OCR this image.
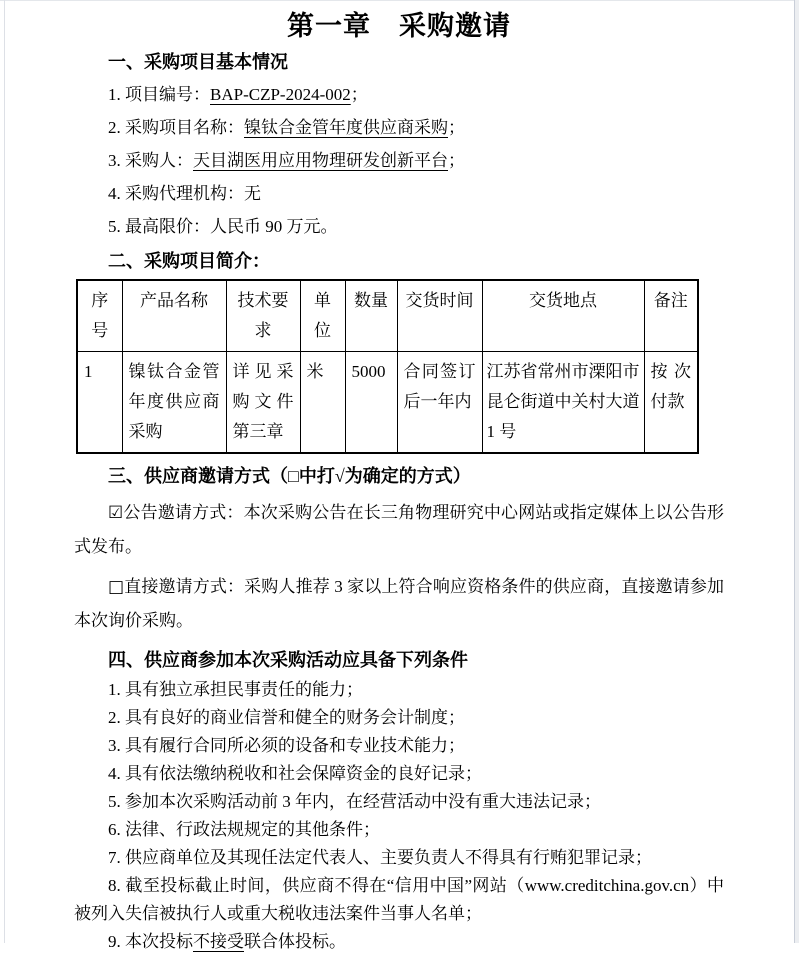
第一章　采购邀请

一、采购项目基本情况

1. 项目编号：BAP-CZP-2024-002；

2. 采购项目名称：镍钛合金管年度供应商采购；

3. 采购人：天目湖医用应用物理研发创新平台；

4. 采购代理机构：无

5. 最高限价：人民币 90 万元。

二、采购项目简介：

序号	产品名称	技术要求	单位	数量	交货时间	交货地点	备注
1	镍钛合金管年度供应商采购	详见采购文件第三章	米	5000	合同签订后一年内	江苏省常州市溧阳市昆仑街道中关村大道 1 号	按次付款

三、供应商邀请方式（□中打√为确定的方式）

☑公告邀请方式：本次采购公告在长三角物理研究中心网站或指定媒体上以公告形式发布。

□直接邀请方式：采购人推荐 3 家以上符合响应资格条件的供应商，直接邀请参加本次询价采购。

四、供应商参加本次采购活动应具备下列条件

1. 具有独立承担民事责任的能力；

2. 具有良好的商业信誉和健全的财务会计制度；

3. 具有履行合同所必须的设备和专业技术能力；

4. 具有依法缴纳税收和社会保障资金的良好记录；

5. 参加本次采购活动前 3 年内，在经营活动中没有重大违法记录；

6. 法律、行政法规规定的其他条件；

7. 供应商单位及其现任法定代表人、主要负责人不得具有行贿犯罪记录；

8. 截至投标截止时间，供应商不得在“信用中国”网站（www.creditchina.gov.cn）中被列入失信被执行人或重大税收违法案件当事人名单；

9. 本次投标不接受联合体投标。
